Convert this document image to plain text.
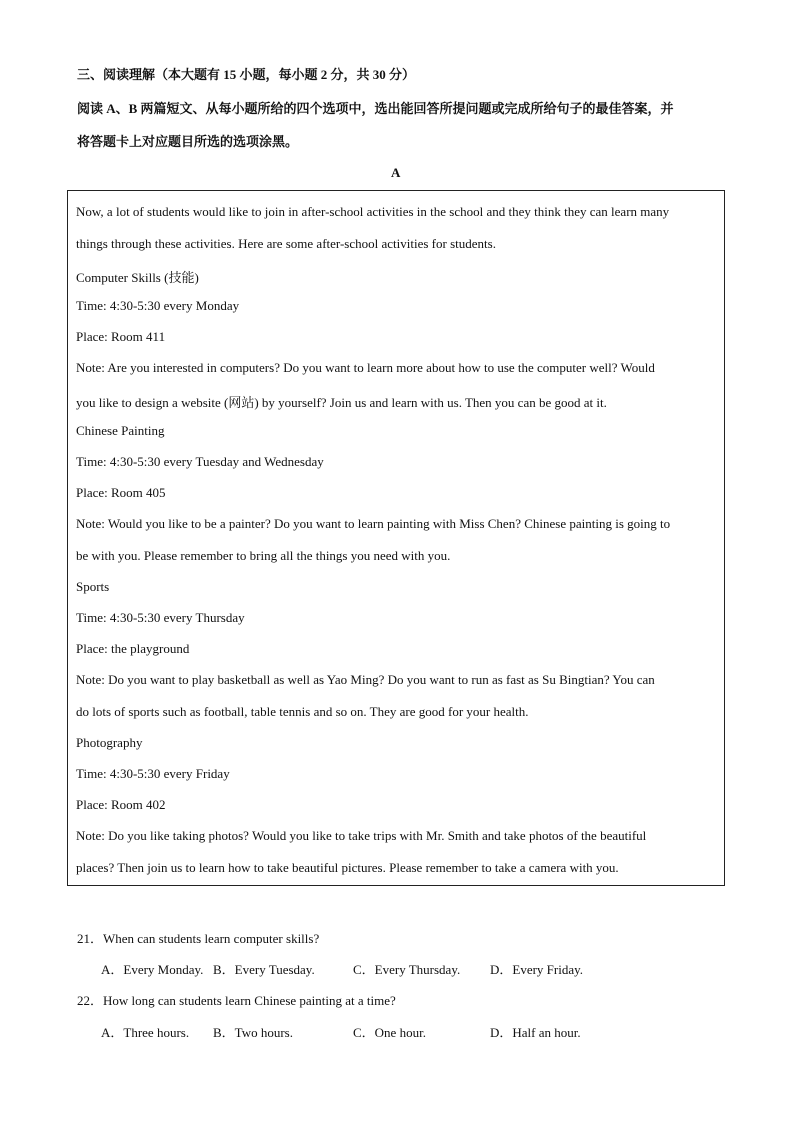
三、阅读理解（本大题有 15 小题，每小题 2 分，共 30 分）
阅读 A、B 两篇短文、从每小题所给的四个选项中，选出能回答所提问题或完成所给句子的最佳答案，并
将答题卡上对应题目所选的选项涂黑。
A
Now, a lot of students would like to join in after-school activities in the school and they think they can learn many
things through these activities. Here are some after-school activities for students.
Computer Skills (技能)
Time: 4:30-5:30 every Monday
Place: Room 411
Note: Are you interested in computers? Do you want to learn more about how to use the computer well? Would
you like to design a website (网站) by yourself? Join us and learn with us. Then you can be good at it.
Chinese Painting
Time: 4:30-5:30 every Tuesday and Wednesday
Place: Room 405
Note: Would you like to be a painter? Do you want to learn painting with Miss Chen? Chinese painting is going to
be with you. Please remember to bring all the things you need with you.
Sports
Time: 4:30-5:30 every Thursday
Place: the playground
Note: Do you want to play basketball as well as Yao Ming? Do you want to run as fast as Su Bingtian? You can
do lots of sports such as football, table tennis and so on. They are good for your health.
Photography
Time: 4:30-5:30 every Friday
Place: Room 402
Note: Do you like taking photos? Would you like to take trips with Mr. Smith and take photos of the beautiful
places? Then join us to learn how to take beautiful pictures. Please remember to take a camera with you.
21．When can students learn computer skills?
A．Every Monday. B．Every Tuesday.	C．Every Thursday. D．Every Friday.
22．How long can students learn Chinese painting at a time?
A．Three hours. B．Two hours.	C．One hour.	D．Half an hour.
